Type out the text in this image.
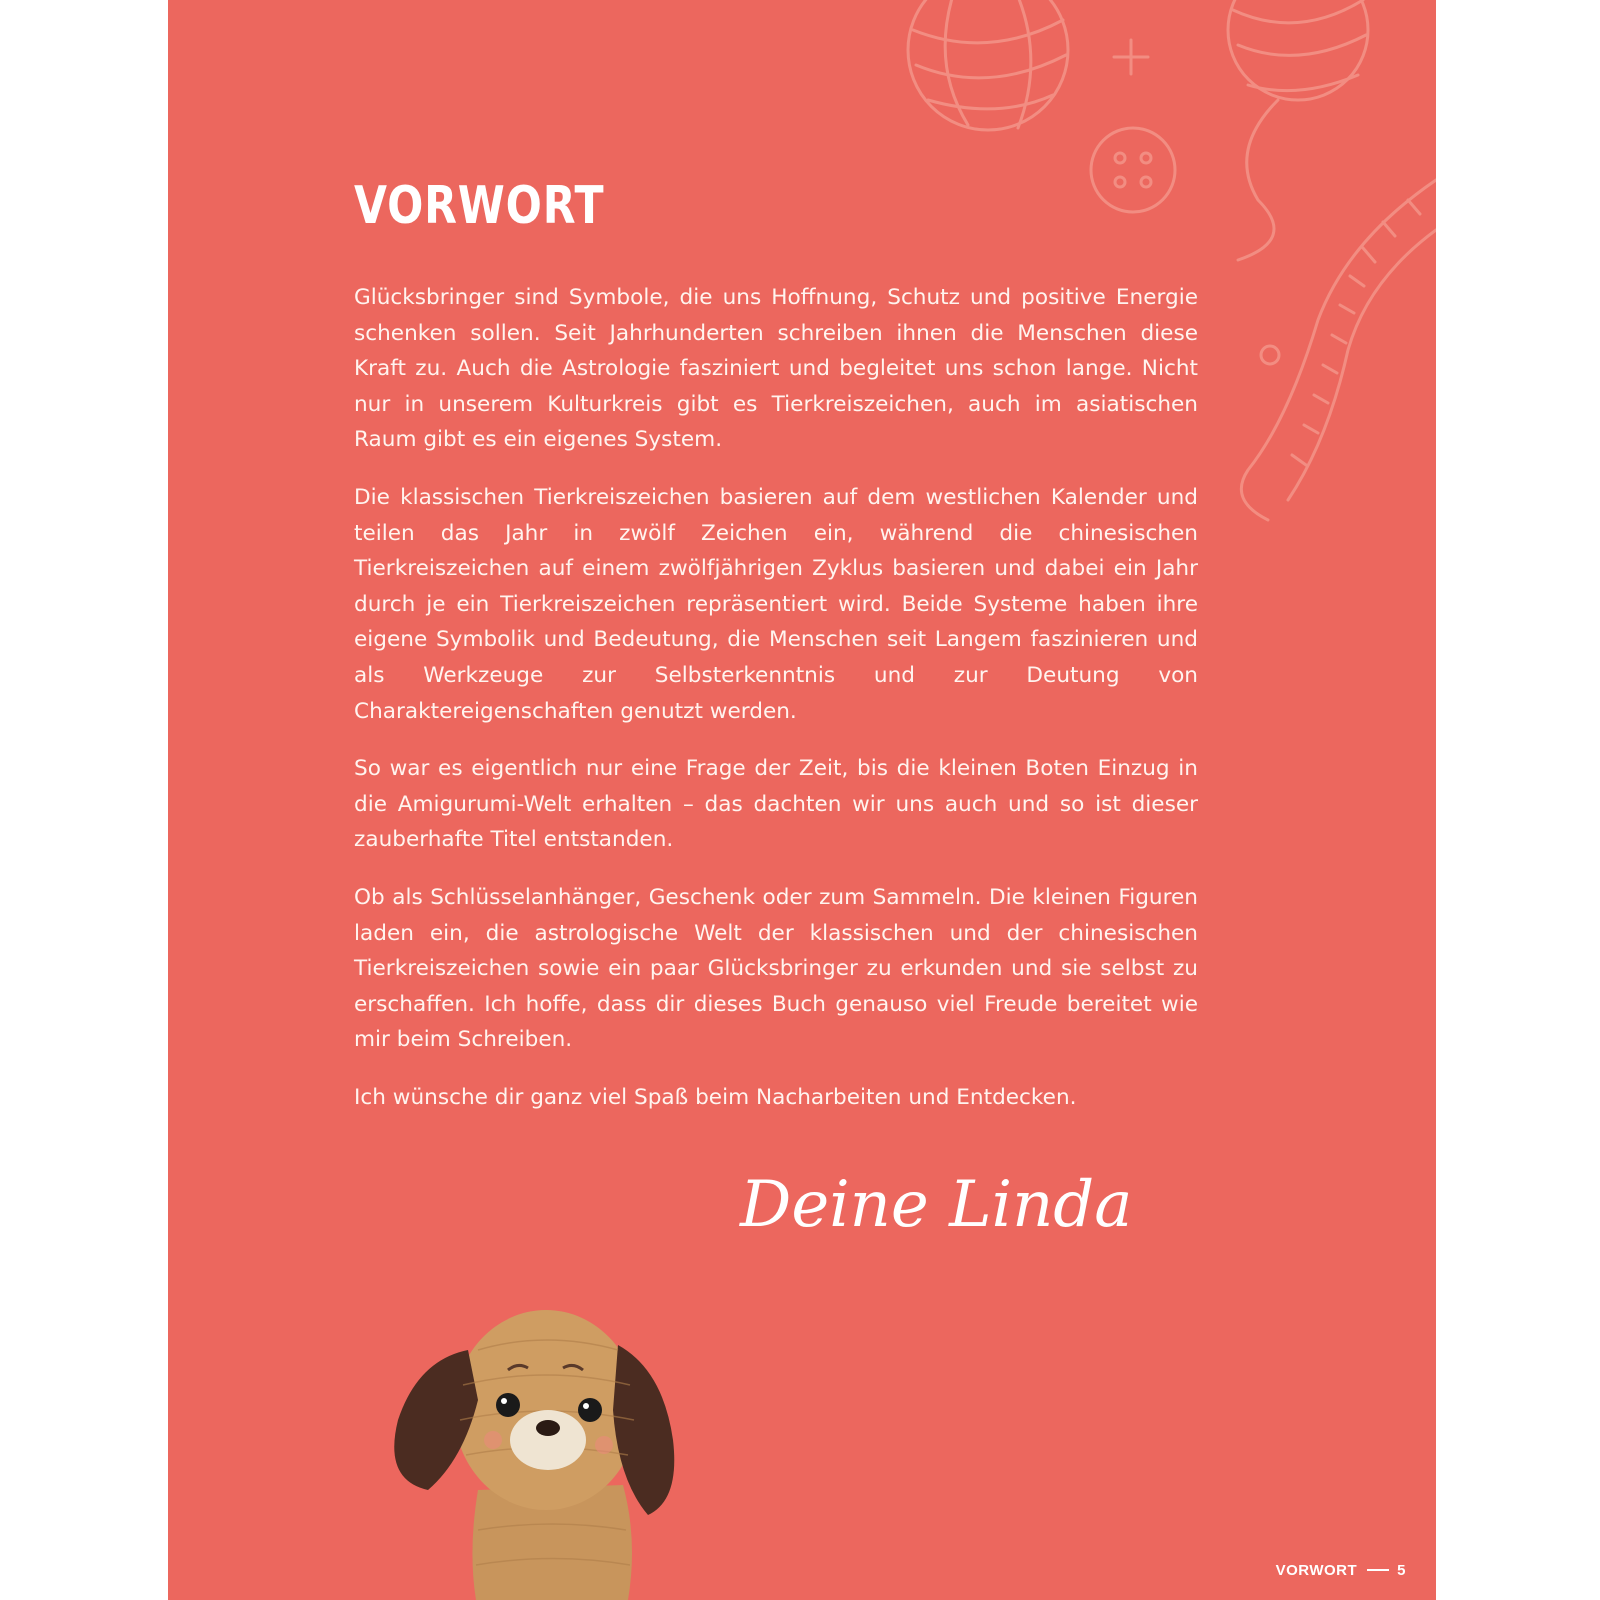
VORWORT

Glücksbringer sind Symbole, die uns Hoffnung, Schutz und positive Energie schenken sollen. Seit Jahrhunderten schreiben ihnen die Menschen diese Kraft zu. Auch die Astrologie fasziniert und begleitet uns schon lange. Nicht nur in unserem Kulturkreis gibt es Tierkreiszeichen, auch im asiatischen Raum gibt es ein eigenes System.

Die klassischen Tierkreiszeichen basieren auf dem westlichen Kalender und teilen das Jahr in zwölf Zeichen ein, während die chinesischen Tierkreiszeichen auf einem zwölfjährigen Zyklus basieren und dabei ein Jahr durch je ein Tierkreiszeichen repräsentiert wird. Beide Systeme haben ihre eigene Symbolik und Bedeutung, die Menschen seit Langem faszinieren und als Werkzeuge zur Selbsterkenntnis und zur Deutung von Charaktereigenschaften genutzt werden.

So war es eigentlich nur eine Frage der Zeit, bis die kleinen Boten Einzug in die Amigurumi-Welt erhalten – das dachten wir uns auch und so ist dieser zauberhafte Titel entstanden.

Ob als Schlüsselanhänger, Geschenk oder zum Sammeln. Die kleinen Figuren laden ein, die astrologische Welt der klassischen und der chinesischen Tierkreiszeichen sowie ein paar Glücksbringer zu erkunden und sie selbst zu erschaffen. Ich hoffe, dass dir dieses Buch genauso viel Freude bereitet wie mir beim Schreiben.

Ich wünsche dir ganz viel Spaß beim Nacharbeiten und Entdecken.

Deine Linda
VORWORT	5
